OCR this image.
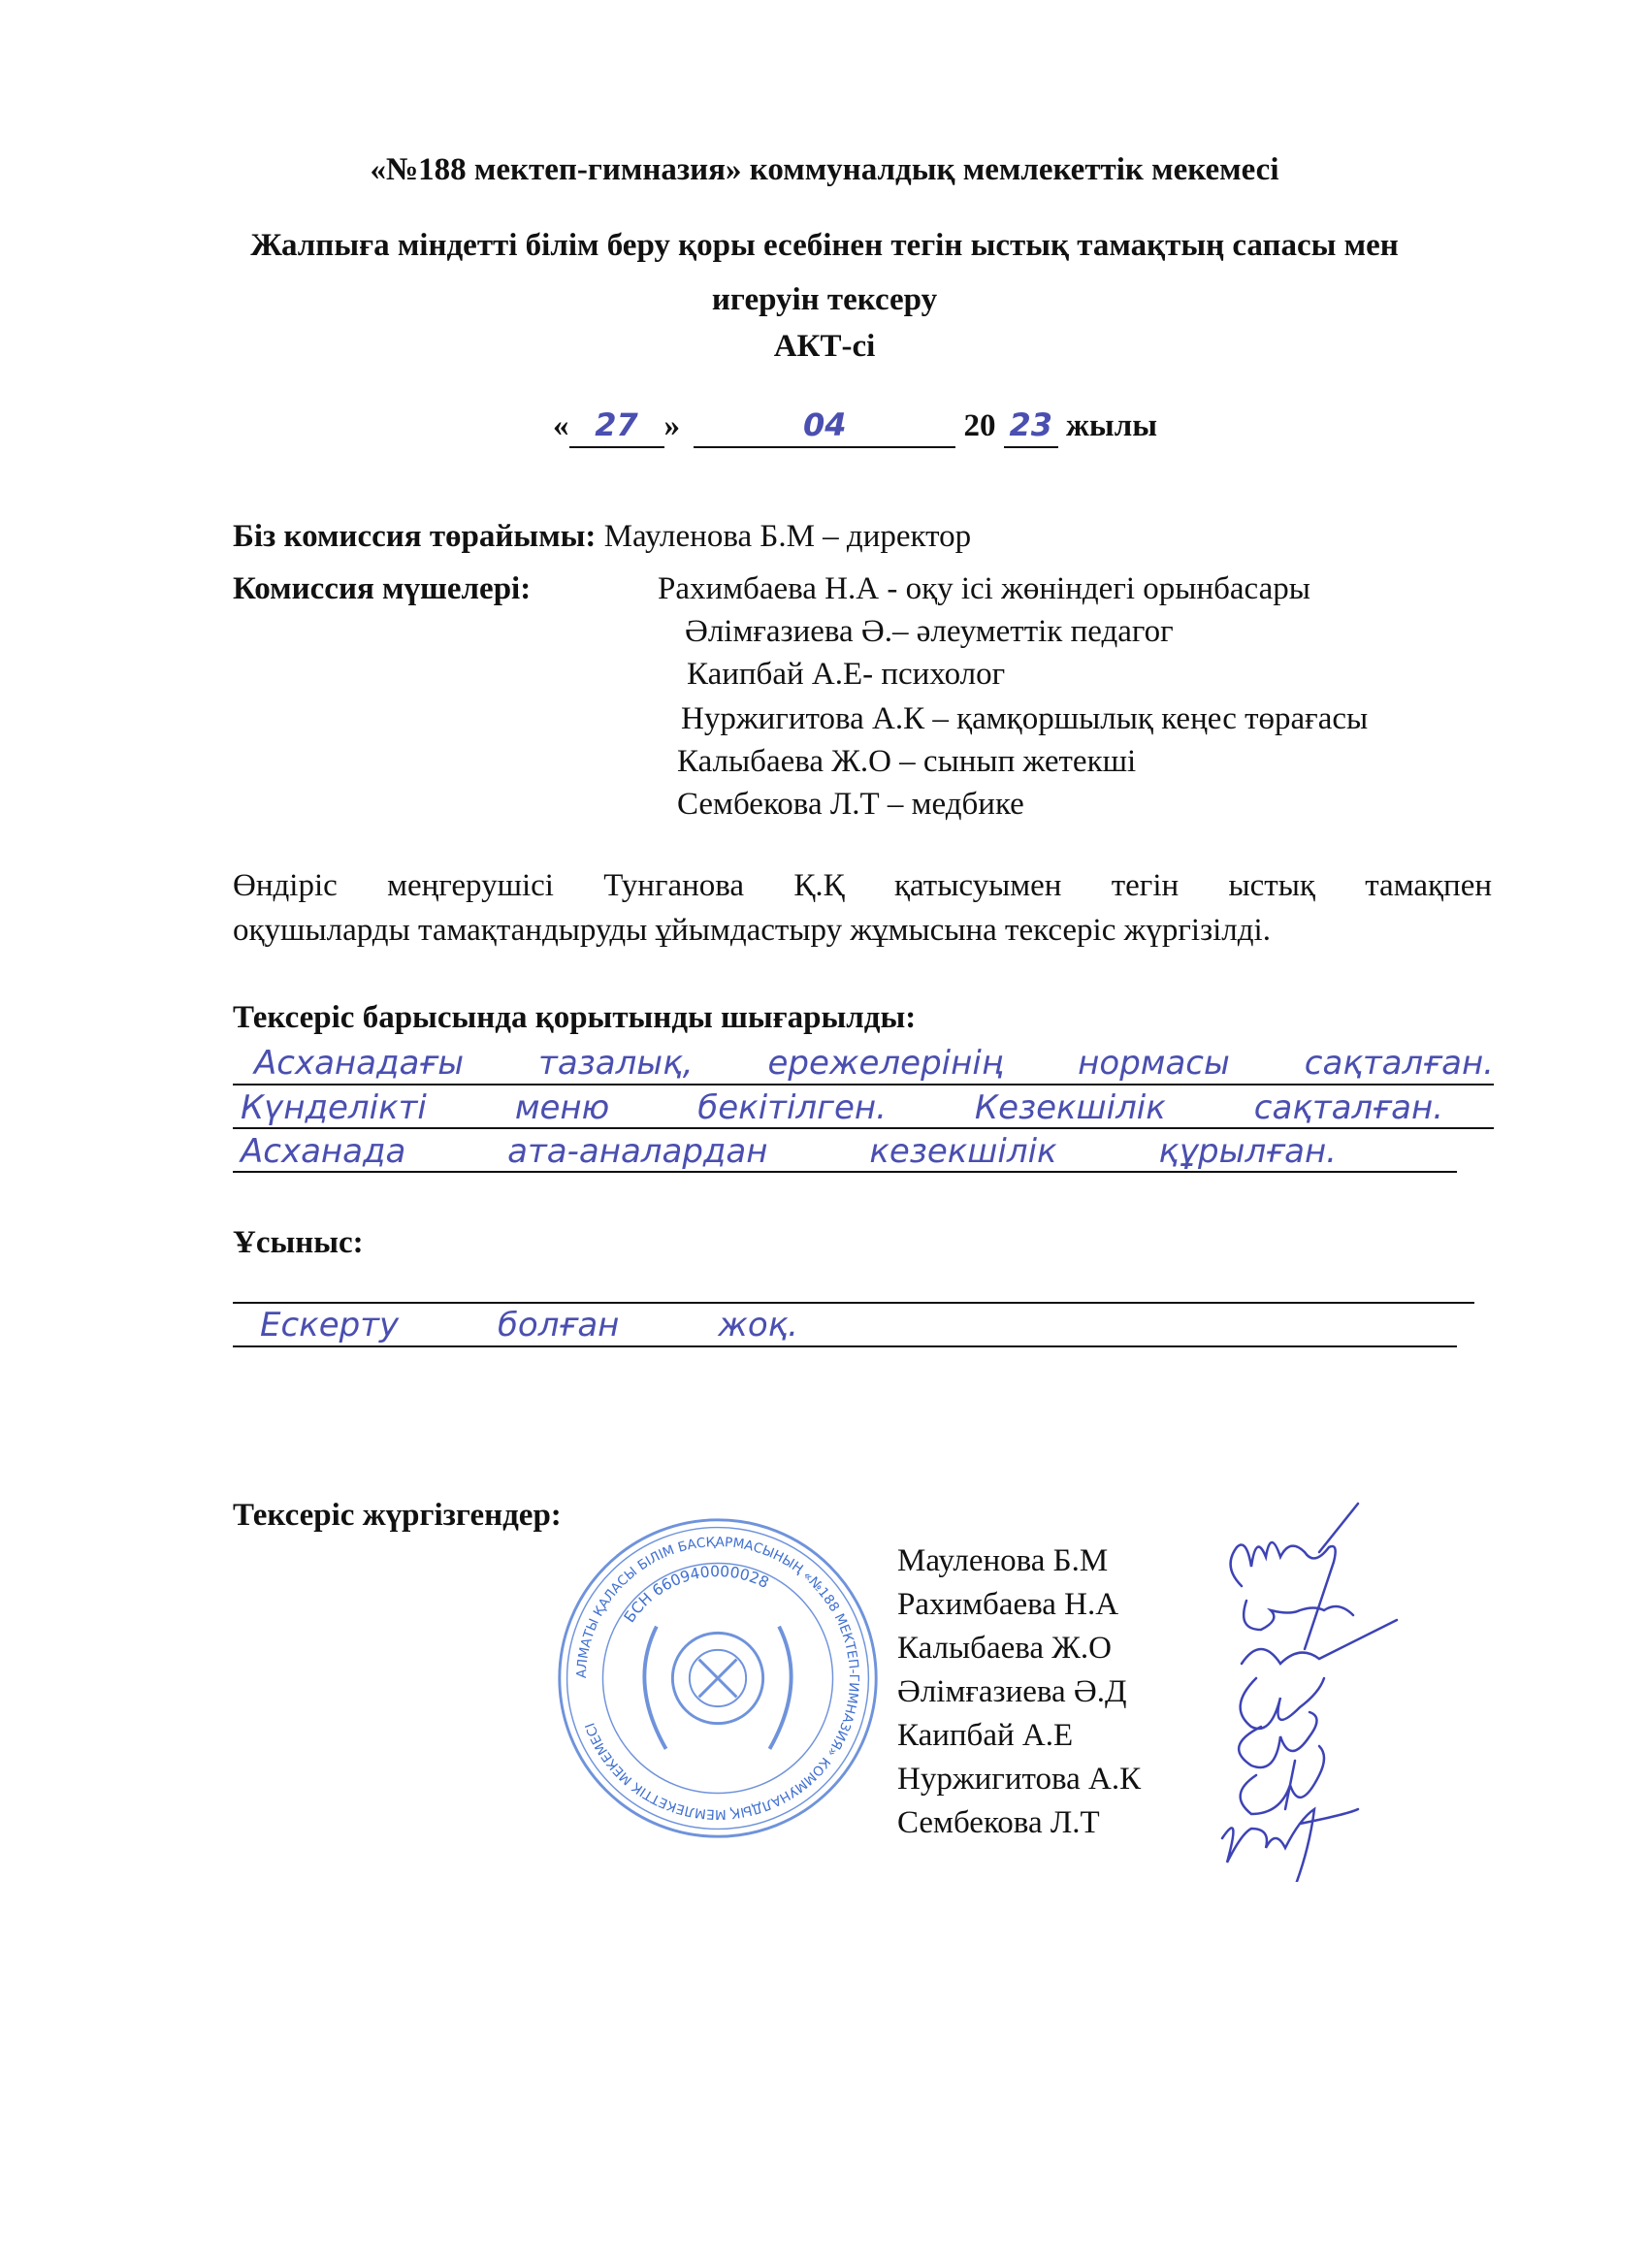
«№188 мектеп-гимназия» коммуналдық мемлекеттік мекемесі
Жалпыға міндетті білім беру қоры есебінен тегін ыстық тамақтың сапасы мен
игеруін тексеру
АКТ-сі
« 27 »	04	20 23 жылы
Біз комиссия төрайымы: Мауленова Б.М – директор
Комиссия мүшелері:	Рахимбаева Н.А - оқу ісі жөніндегі орынбасары
Әлімғазиева Ә.– әлеуметтік педагог
Каипбай А.Е- психолог
Нуржигитова А.К – қамқоршылық кеңес төрағасы
Калыбаева Ж.О – сынып жетекші
Сембекова Л.Т – медбике
Өндіріс меңгерушісі Тунганова Қ.Қ қатысуымен тегін ыстық тамақпен
оқушыларды тамақтандыруды ұйымдастыру жұмысына тексеріс жүргізілді.
Тексеріс барысында қорытынды шығарылды:
Асханадағы тазалық, ережелерінің нормасы сақталған.
Күнделікті меню бекітілген. Кезекшілік сақталған.
Асханада ата-аналардан кезекшілік құрылған.
Ұсыныс:
Ескерту болған жоқ.
Тексеріс жүргізгендер:
АЛМАТЫ ҚАЛАСЫ БІЛІМ БАСҚАРМАСЫНЫҢ «№188 МЕКТЕП-ГИМНАЗИЯ» КОММУНАЛДЫҚ МЕМЛЕКЕТТІК МЕКЕМЕСІ
БСН 660940000028
Мауленова Б.М
Рахимбаева Н.А
Калыбаева Ж.О
Әлімғазиева Ә.Д
Каипбай А.Е
Нуржигитова А.К
Сембекова Л.Т
